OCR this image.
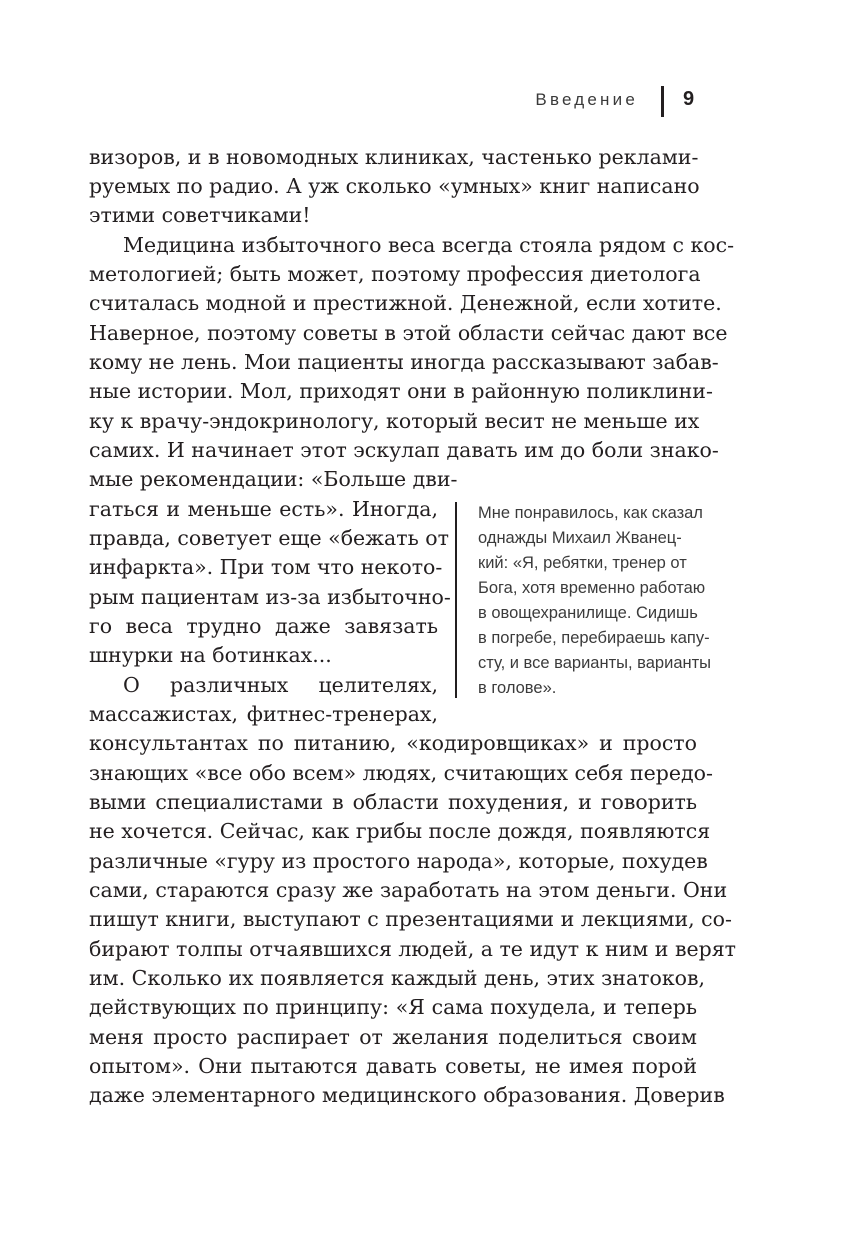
Введение 9
визоров, и в новомодных клиниках, частенько реклами-
руемых по радио. А уж сколько «умных» книг написано
этими советчиками!
Медицина избыточного веса всегда стояла рядом с кос-
метологией; быть может, поэтому профессия диетолога
считалась модной и престижной. Денежной, если хотите.
Наверное, поэтому советы в этой области сейчас дают все
кому не лень. Мои пациенты иногда рассказывают забав-
ные истории. Мол, приходят они в районную поликлини-
ку к врачу-эндокринологу, который весит не меньше их
самих. И начинает этот эскулап давать им до боли знако-
мые рекомендации: «Больше дви-
гаться и меньше есть». Иногда,
правда, советует еще «бежать от
инфаркта». При том что некото-
рым пациентам из-за избыточно-
го веса трудно даже завязать
шнурки на ботинках...
О различных целителях,
массажистах, фитнес-тренерах,
консультантах по питанию, «кодировщиках» и просто
знающих «все обо всем» людях, считающих себя передо-
выми специалистами в области похудения, и говорить
не хочется. Сейчас, как грибы после дождя, появляются
различные «гуру из простого народа», которые, похудев
сами, стараются сразу же заработать на этом деньги. Они
пишут книги, выступают с презентациями и лекциями, со-
бирают толпы отчаявшихся людей, а те идут к ним и верят
им. Сколько их появляется каждый день, этих знатоков,
действующих по принципу: «Я сама похудела, и теперь
меня просто распирает от желания поделиться своим
опытом». Они пытаются давать советы, не имея порой
даже элементарного медицинского образования. Доверив
Мне понравилось, как сказал
однажды Михаил Жванец-
кий: «Я, ребятки, тренер от
Бога, хотя временно работаю
в овощехранилище. Сидишь
в погребе, перебираешь капу-
сту, и все варианты, варианты
в голове».
